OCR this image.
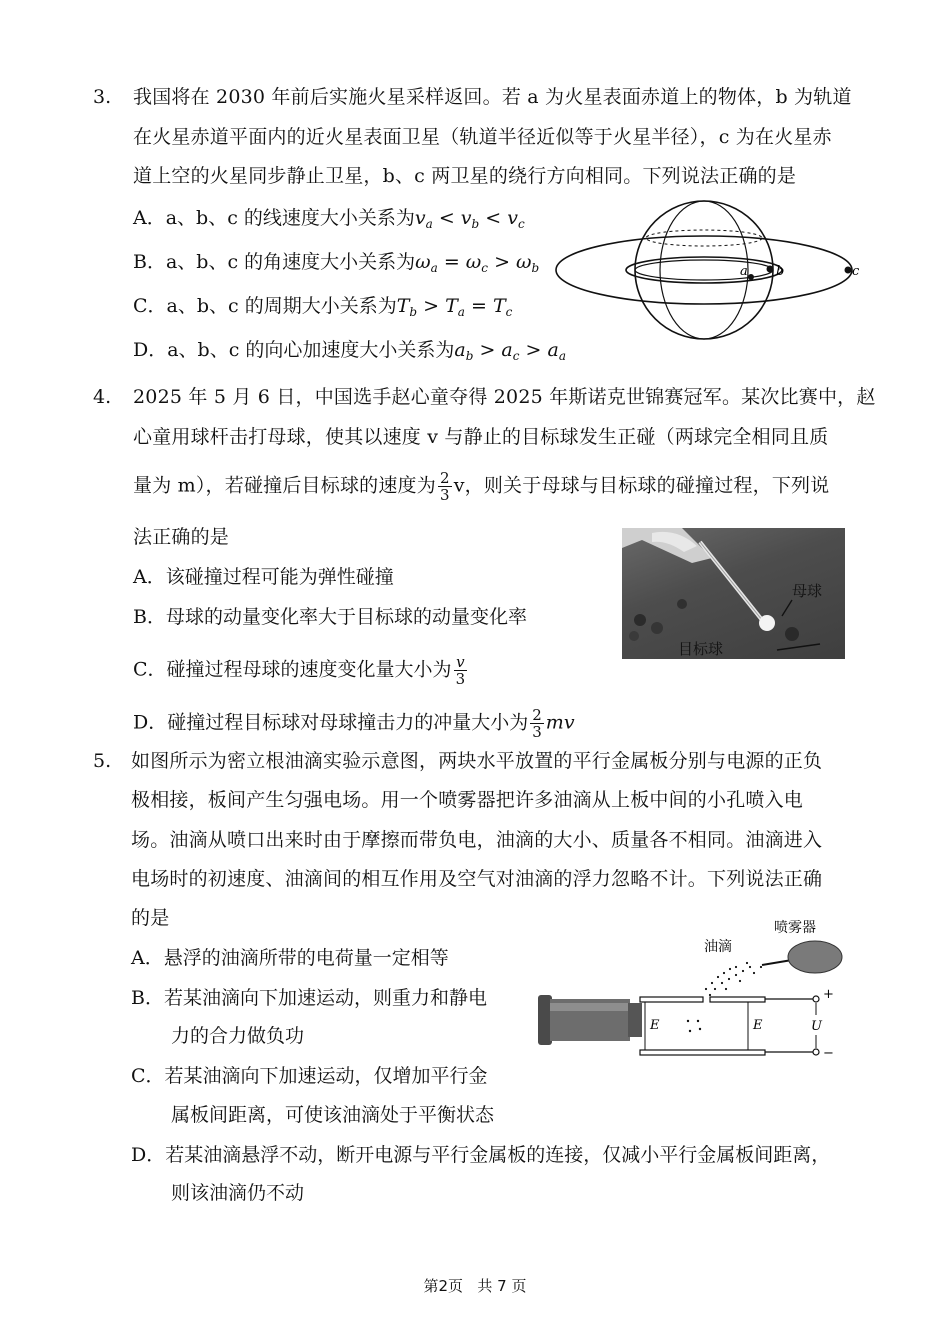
3. 我国将在 2030 年前后实施火星采样返回。若 a 为火星表面赤道上的物体，b 为轨道
在火星赤道平面内的近火星表面卫星（轨道半径近似等于火星半径），c 为在火星赤
道上空的火星同步静止卫星，b、c 两卫星的绕行方向相同。下列说法正确的是
A．a、b、c 的线速度大小关系为$v_a < v_b < v_c$
B．a、b、c 的角速度大小关系为$\omega_a = \omega_c > \omega_b$
C．a、b、c 的周期大小关系为$T_b > T_a = T_c$
D．a、b、c 的向心加速度大小关系为$a_b > a_c > a_a$
a b	c
4. 2025 年 5 月 6 日，中国选手赵心童夺得 2025 年斯诺克世锦赛冠军。某次比赛中，赵
心童用球杆击打母球，使其以速度 v 与静止的目标球发生正碰（两球完全相同且质
量为 m），若碰撞后目标球的速度为 $\frac{2}{3}$ v，则关于母球与目标球的碰撞过程，下列说
法正确的是
A．该碰撞过程可能为弹性碰撞
B．母球的动量变化率大于目标球的动量变化率
C．碰撞过程母球的速度变化量大小为 $\frac{v}{3}$
D．碰撞过程目标球对母球撞击力的冲量大小为 $\frac{2}{3}$ mv
母球
目标球
5. 如图所示为密立根油滴实验示意图，两块水平放置的平行金属板分别与电源的正负
极相接，板间产生匀强电场。用一个喷雾器把许多油滴从上板中间的小孔喷入电
场。油滴从喷口出来时由于摩擦而带负电，油滴的大小、质量各不相同。油滴进入
电场时的初速度、油滴间的相互作用及空气对油滴的浮力忽略不计。下列说法正确
的是
A．悬浮的油滴所带的电荷量一定相等
B．若某油滴向下加速运动，则重力和静电
力的合力做负功
C．若某油滴向下加速运动，仅增加平行金
属板间距离，可使该油滴处于平衡状态
D．若某油滴悬浮不动，断开电源与平行金属板的连接，仅减小平行金属板间距离，
则该油滴仍不动
E	E
油滴
喷雾器
U
+
−
第2页 共 7 页
